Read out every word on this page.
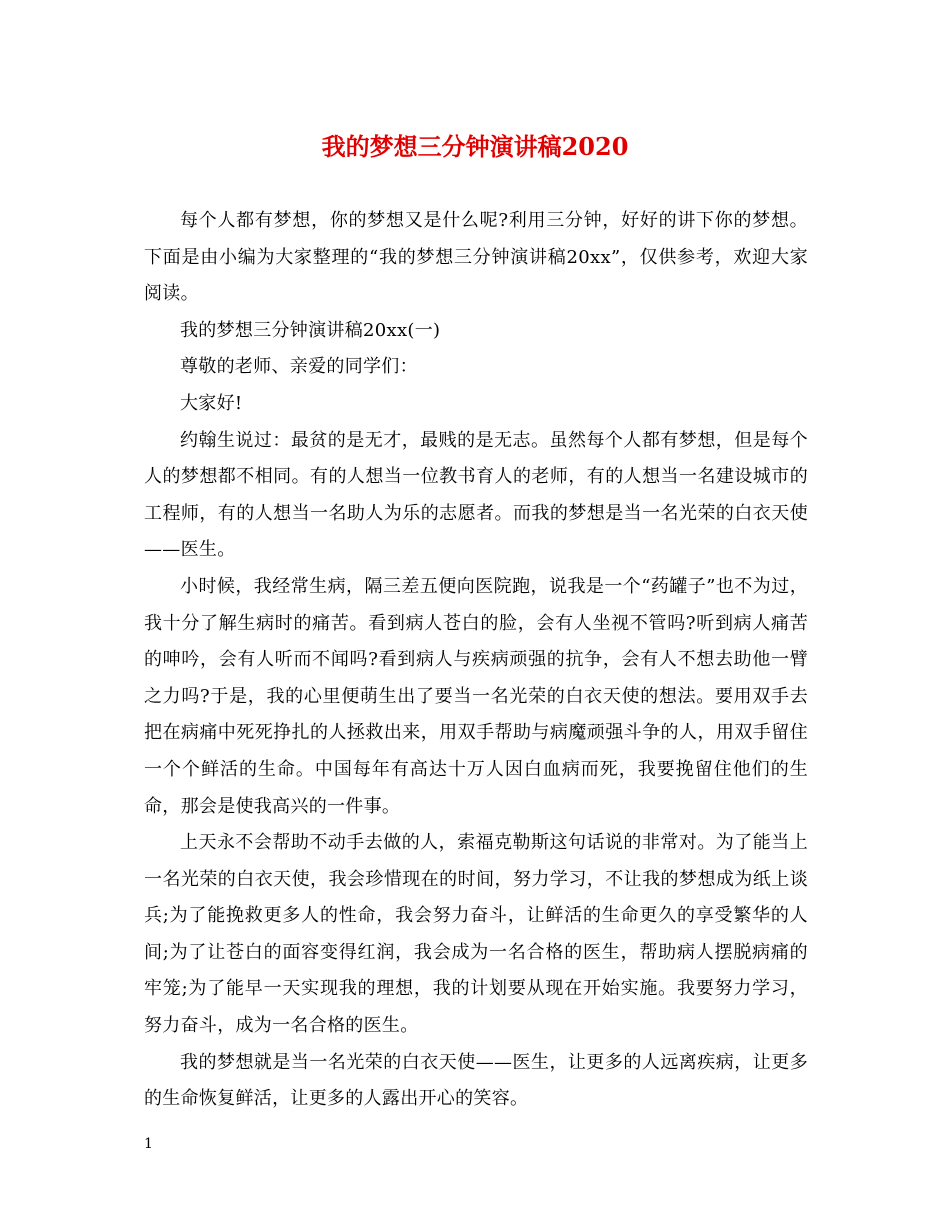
我的梦想三分钟演讲稿2020

每个人都有梦想，你的梦想又是什么呢?利用三分钟，好好的讲下你的梦想。下面是由小编为大家整理的“我的梦想三分钟演讲稿20xx”，仅供参考，欢迎大家阅读。

我的梦想三分钟演讲稿20xx(一)

尊敬的老师、亲爱的同学们：

大家好!

约翰生说过：最贫的是无才，最贱的是无志。虽然每个人都有梦想，但是每个人的梦想都不相同。有的人想当一位教书育人的老师，有的人想当一名建设城市的工程师，有的人想当一名助人为乐的志愿者。而我的梦想是当一名光荣的白衣天使——医生。

小时候，我经常生病，隔三差五便向医院跑，说我是一个“药罐子”也不为过，我十分了解生病时的痛苦。看到病人苍白的脸，会有人坐视不管吗?听到病人痛苦的呻吟，会有人听而不闻吗?看到病人与疾病顽强的抗争，会有人不想去助他一臂之力吗?于是，我的心里便萌生出了要当一名光荣的白衣天使的想法。要用双手去把在病痛中死死挣扎的人拯救出来，用双手帮助与病魔顽强斗争的人，用双手留住一个个鲜活的生命。中国每年有高达十万人因白血病而死，我要挽留住他们的生命，那会是使我高兴的一件事。

上天永不会帮助不动手去做的人，索福克勒斯这句话说的非常对。为了能当上一名光荣的白衣天使，我会珍惜现在的时间，努力学习，不让我的梦想成为纸上谈兵;为了能挽救更多人的性命，我会努力奋斗，让鲜活的生命更久的享受繁华的人间;为了让苍白的面容变得红润，我会成为一名合格的医生，帮助病人摆脱病痛的牢笼;为了能早一天实现我的理想，我的计划要从现在开始实施。我要努力学习，努力奋斗，成为一名合格的医生。

我的梦想就是当一名光荣的白衣天使——医生，让更多的人远离疾病，让更多的生命恢复鲜活，让更多的人露出开心的笑容。

1
